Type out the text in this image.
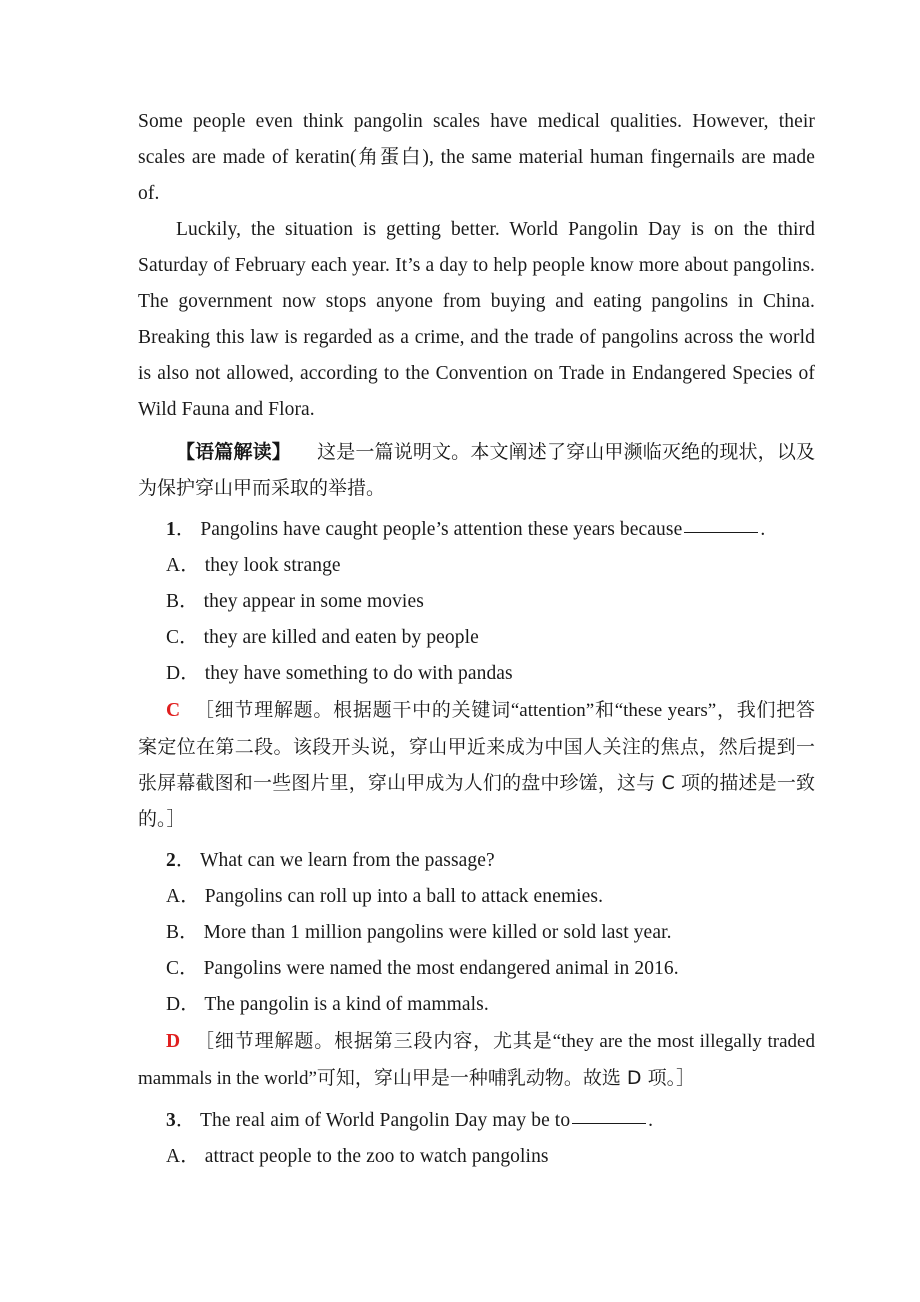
Some people even think pangolin scales have medical qualities. However, their scales are made of keratin(角蛋白), the same material human fingernails are made of.

Luckily, the situation is getting better. World Pangolin Day is on the third Saturday of February each year. It’s a day to help people know more about pangolins. The government now stops anyone from buying and eating pangolins in China. Breaking this law is regarded as a crime, and the trade of pangolins across the world is also not allowed, according to the Convention on Trade in Endangered Species of Wild Fauna and Flora.

【语篇解读】 这是一篇说明文。本文阐述了穿山甲濒临灭绝的现状，以及为保护穿山甲而采取的举措。

1． Pangolins have caught people’s attention these years because	.

A． they look strange

B． they appear in some movies

C． they are killed and eaten by people

D． they have something to do with pandas

C ［细节理解题。根据题干中的关键词“attention”和“these years”，我们把答案定位在第二段。该段开头说，穿山甲近来成为中国人关注的焦点，然后提到一张屏幕截图和一些图片里，穿山甲成为人们的盘中珍馐，这与 C 项的描述是一致的。］

2． What can we learn from the passage?

A． Pangolins can roll up into a ball to attack enemies.

B． More than 1 million pangolins were killed or sold last year.

C． Pangolins were named the most endangered animal in 2016.

D． The pangolin is a kind of mammals.

D ［细节理解题。根据第三段内容，尤其是“they are the most illegally traded mammals in the world”可知，穿山甲是一种哺乳动物。故选 D 项。］

3． The real aim of World Pangolin Day may be to	.

A． attract people to the zoo to watch pangolins
